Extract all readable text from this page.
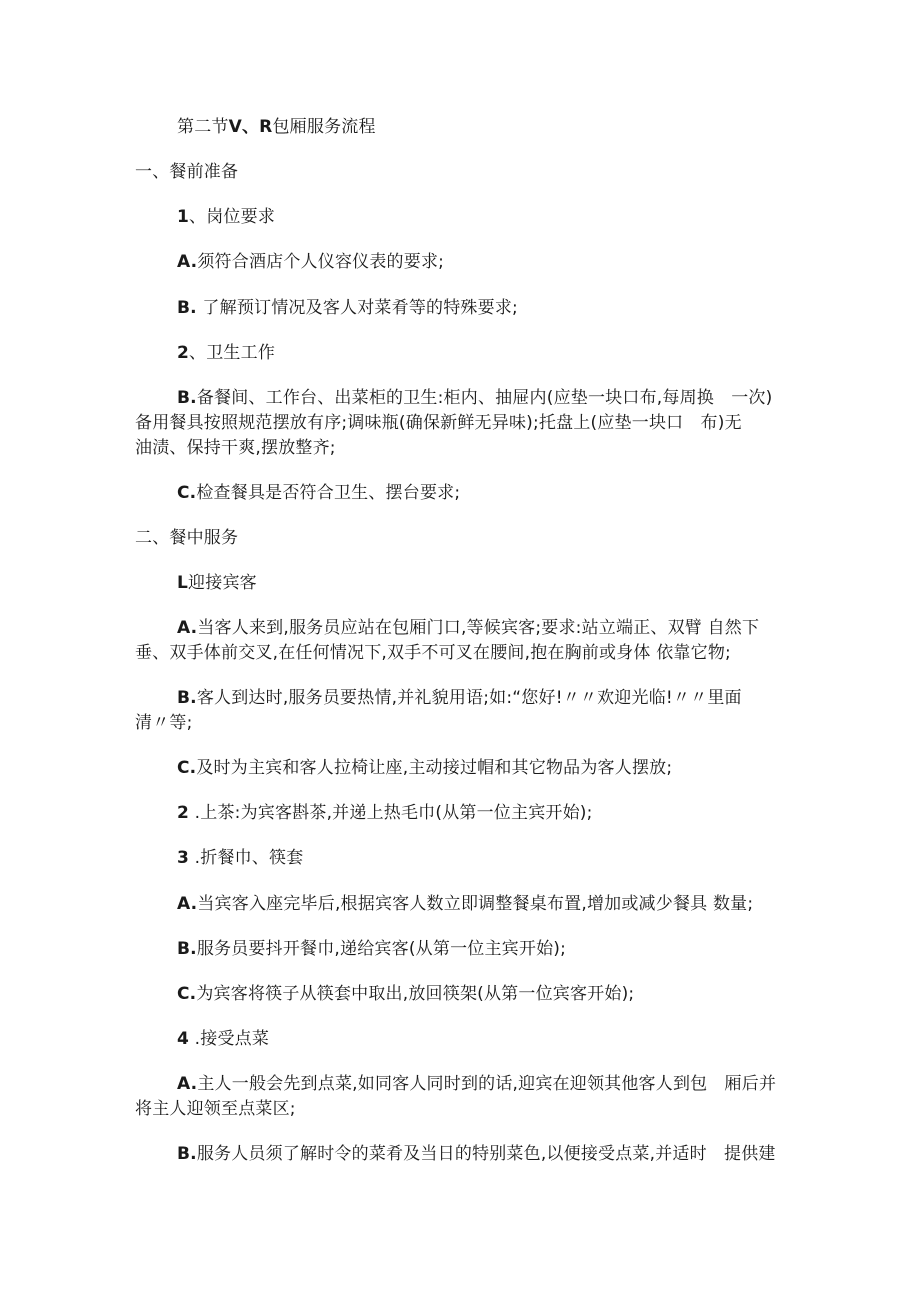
第二节V、R包厢服务流程
一、餐前准备
1、岗位要求
A.须符合酒店个人仪容仪表的要求;
B. 了解预订情况及客人对菜肴等的特殊要求;
2、卫生工作
B.备餐间、工作台、出菜柜的卫生:柜内、抽屉内(应垫一块口布,每周换　一次)
备用餐具按照规范摆放有序;调味瓶(确保新鲜无异味);托盘上(应垫一块口　布)无
油渍、保持干爽,摆放整齐;
C.检查餐具是否符合卫生、摆台要求;
二、餐中服务
L迎接宾客
A.当客人来到,服务员应站在包厢门口,等候宾客;要求:站立端正、双臂 自然下
垂、双手体前交叉,在任何情况下,双手不可叉在腰间,抱在胸前或身体 依靠它物;
B.客人到达时,服务员要热情,并礼貌用语;如:“您好!〃〃欢迎光临!〃〃里面
清〃等;
C.及时为主宾和客人拉椅让座,主动接过帽和其它物品为客人摆放;
2 .上茶:为宾客斟茶,并递上热毛巾(从第一位主宾开始);
3 .折餐巾、筷套
A.当宾客入座完毕后,根据宾客人数立即调整餐桌布置,增加或减少餐具 数量;
B.服务员要抖开餐巾,递给宾客(从第一位主宾开始);
C.为宾客将筷子从筷套中取出,放回筷架(从第一位宾客开始);
4 .接受点菜
A.主人一般会先到点菜,如同客人同时到的话,迎宾在迎领其他客人到包　厢后并
将主人迎领至点菜区;
B.服务人员须了解时令的菜肴及当日的特别菜色,以便接受点菜,并适时　提供建
